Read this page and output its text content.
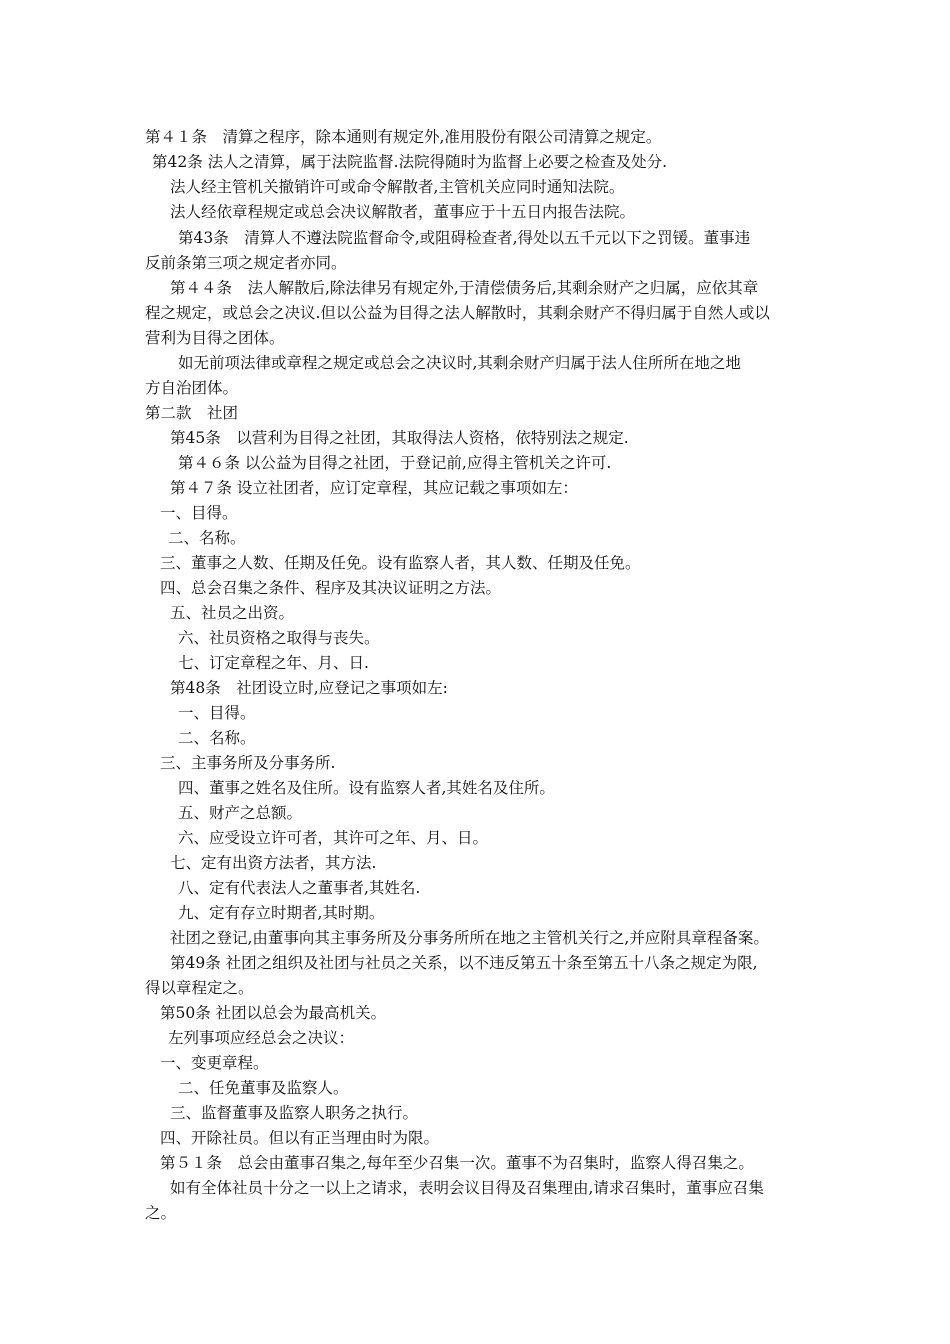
第４１条　清算之程序，除本通则有规定外,准用股份有限公司清算之规定。
第42条 法人之清算，属于法院监督.法院得随时为监督上必要之检查及处分.
法人经主管机关撤销许可或命令解散者,主管机关应同时通知法院。
法人经依章程规定或总会决议解散者，董事应于十五日内报告法院。
第43条　清算人不遵法院监督命令,或阻碍检查者,得处以五千元以下之罚锾。董事违
反前条第三项之规定者亦同。
第４４条　法人解散后,除法律另有规定外,于清偿债务后,其剩余财产之归属，应依其章
程之规定，或总会之决议.但以公益为目得之法人解散时，其剩余财产不得归属于自然人或以
营利为目得之团体。
如无前项法律或章程之规定或总会之决议时,其剩余财产归属于法人住所所在地之地
方自治团体。
第二款　社团
第45条　以营利为目得之社团，其取得法人资格，依特别法之规定.
第４６条 以公益为目得之社团，于登记前,应得主管机关之许可.
第４７条 设立社团者，应订定章程，其应记载之事项如左：
一、目得。
二、名称。
三、董事之人数、任期及任免。设有监察人者，其人数、任期及任免。
四、总会召集之条件、程序及其决议证明之方法。
五、社员之出资。
六、社员资格之取得与丧失。
七、订定章程之年、月、日.
第48条　社团设立时,应登记之事项如左:
一、目得。
二、名称。
三、主事务所及分事务所.
四、董事之姓名及住所。设有监察人者,其姓名及住所。
五、财产之总额。
六、应受设立许可者，其许可之年、月、日。
七、定有出资方法者，其方法.
八、定有代表法人之董事者,其姓名.
九、定有存立时期者,其时期。
社团之登记,由董事向其主事务所及分事务所所在地之主管机关行之,并应附具章程备案。
第49条 社团之组织及社团与社员之关系，以不违反第五十条至第五十八条之规定为限,
得以章程定之。
第50条 社团以总会为最高机关。
左列事项应经总会之决议：
一、变更章程。
二、任免董事及监察人。
三、监督董事及监察人职务之执行。
四、开除社员。但以有正当理由时为限。
第５１条　总会由董事召集之,每年至少召集一次。董事不为召集时，监察人得召集之。
如有全体社员十分之一以上之请求，表明会议目得及召集理由,请求召集时，董事应召集
之。
